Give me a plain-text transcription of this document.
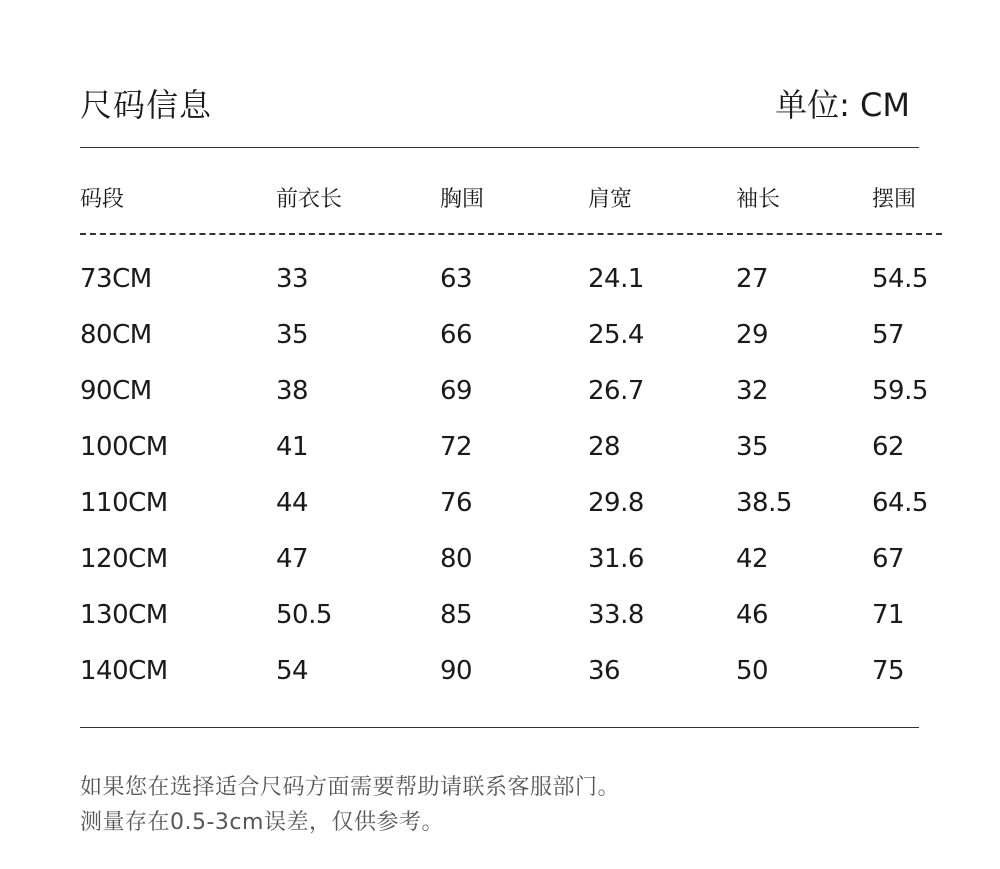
尺码信息	单位: CM
码段	前衣长	胸围	肩宽	袖长	摆围
73CM	33	63	24.1	27	54.5
80CM	35	66	25.4	29	57
90CM	38	69	26.7	32	59.5
100CM	41	72	28	35	62
110CM	44	76	29.8	38.5	64.5
120CM	47	80	31.6	42	67
130CM	50.5	85	33.8	46	71
140CM	54	90	36	50	75
如果您在选择适合尺码方面需要帮助请联系客服部门。
测量存在0.5-3cm误差，仅供参考。
